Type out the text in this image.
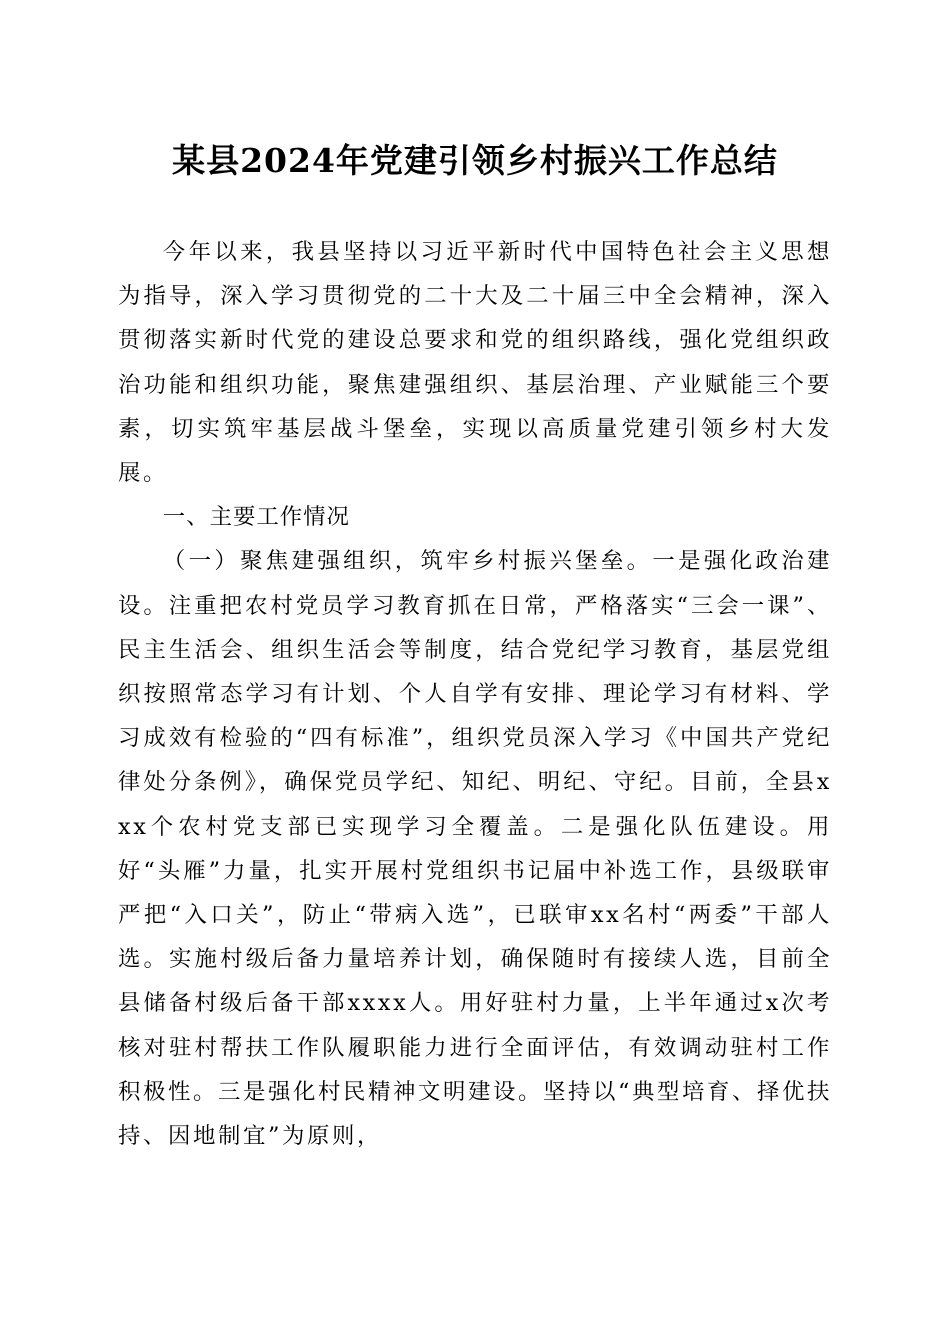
某县2024年党建引领乡村振兴工作总结

今年以来，我县坚持以习近平新时代中国特色社会主义思想为指导，深入学习贯彻党的二十大及二十届三中全会精神，深入贯彻落实新时代党的建设总要求和党的组织路线，强化党组织政治功能和组织功能，聚焦建强组织、基层治理、产业赋能三个要素，切实筑牢基层战斗堡垒，实现以高质量党建引领乡村大发展。

一、主要工作情况

（一）聚焦建强组织，筑牢乡村振兴堡垒。一是强化政治建设。注重把农村党员学习教育抓在日常，严格落实“三会一课”、民主生活会、组织生活会等制度，结合党纪学习教育，基层党组织按照常态学习有计划、个人自学有安排、理论学习有材料、学习成效有检验的“四有标准”，组织党员深入学习《中国共产党纪律处分条例》，确保党员学纪、知纪、明纪、守纪。目前，全县xxx个农村党支部已实现学习全覆盖。二是强化队伍建设。用好“头雁”力量，扎实开展村党组织书记届中补选工作，县级联审严把“入口关”，防止“带病入选”，已联审xx名村“两委”干部人选。实施村级后备力量培养计划，确保随时有接续人选，目前全县储备村级后备干部xxxx人。用好驻村力量，上半年通过x次考核对驻村帮扶工作队履职能力进行全面评估，有效调动驻村工作积极性。三是强化村民精神文明建设。坚持以“典型培育、择优扶持、因地制宜”为原则，
